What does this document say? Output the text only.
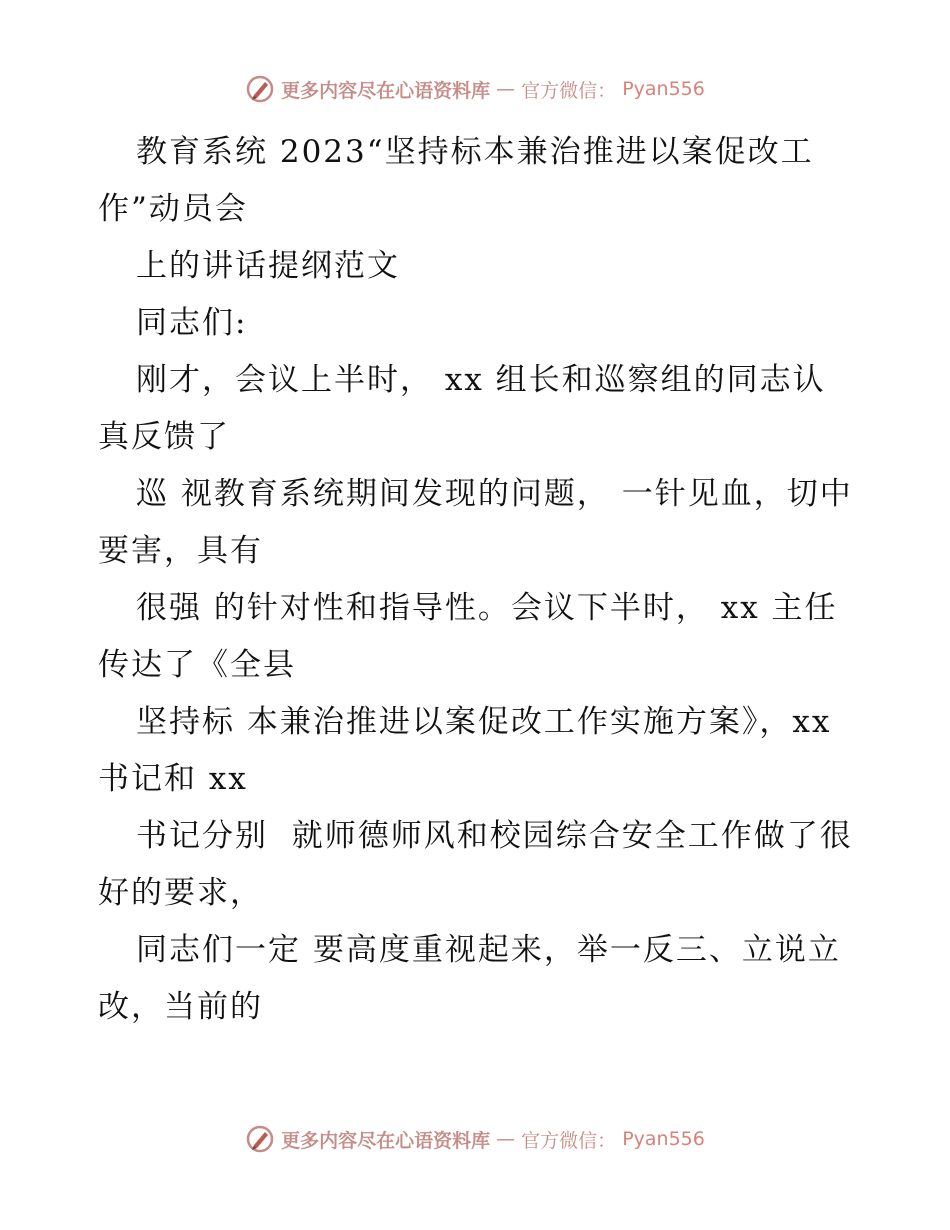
更多内容尽在心语资料库 — 官方微信： Pyan556

教育系统 2023“坚持标本兼治推进以案促改工作”动员会

上的讲话提纲范文

同志们:

刚才，会议上半时， xx 组长和巡察组的同志认真反馈了

巡 视教育系统期间发现的问题， 一针见血，切中要害，具有

很强 的针对性和指导性。会议下半时， xx 主任传达了《全县

坚持标 本兼治推进以案促改工作实施方案》，xx 书记和 xx

书记分别  就师德师风和校园综合安全工作做了很好的要求，

同志们一定 要高度重视起来，举一反三、立说立改，当前的

更多内容尽在心语资料库 — 官方微信： Pyan556
